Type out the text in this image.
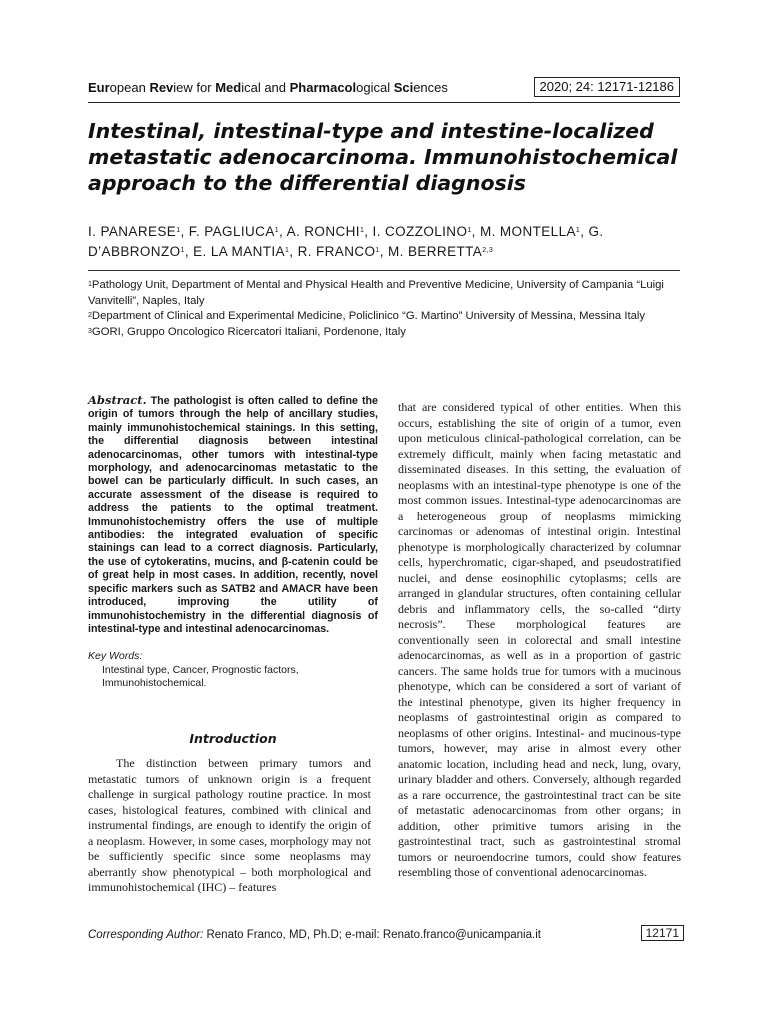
European Review for Medical and Pharmacological Sciences	2020; 24: 12171-12186
Intestinal, intestinal-type and intestine-localized metastatic adenocarcinoma. Immunohistochemical approach to the differential diagnosis
I. PANARESE$^1$, F. PAGLIUCA$^1$, A. RONCHI$^1$, I. COZZOLINO$^1$, M. MONTELLA$^1$, G. D’ABBRONZO$^1$, E. LA MANTIA$^1$, R. FRANCO$^1$, M. BERRETTA$^{2,3}$
$^1$Pathology Unit, Department of Mental and Physical Health and Preventive Medicine, University of Campania “Luigi Vanvitelli”, Naples, Italy
$^2$Department of Clinical and Experimental Medicine, Policlinico “G. Martino” University of Messina, Messina Italy
$^3$GORI, Gruppo Oncologico Ricercatori Italiani, Pordenone, Italy
Abstract. The pathologist is often called to define the origin of tumors through the help of ancillary studies, mainly immunohistochemical stainings. In this setting, the differential diagnosis between intestinal adenocarcinomas, other tumors with intestinal-type morphology, and adenocarcinomas metastatic to the bowel can be particularly difficult. In such cases, an accurate assessment of the disease is required to address the patients to the optimal treatment. Immunohistochemistry offers the use of multiple antibodies: the integrated evaluation of specific stainings can lead to a correct diagnosis. Particularly, the use of cytokeratins, mucins, and β-catenin could be of great help in most cases. In addition, recently, novel specific markers such as SATB2 and AMACR have been introduced, improving the utility of immunohistochemistry in the differential diagnosis of intestinal-type and intestinal adenocarcinomas.
Key Words:
Intestinal type, Cancer, Prognostic factors, Immunohistochemical.
Introduction
The distinction between primary tumors and metastatic tumors of unknown origin is a frequent challenge in surgical pathology routine practice. In most cases, histological features, combined with clinical and instrumental findings, are enough to identify the origin of a neoplasm. However, in some cases, morphology may not be sufficiently specific since some neoplasms may aberrantly show phenotypical – both morphological and immunohistochemical (IHC) – features
that are considered typical of other entities. When this occurs, establishing the site of origin of a tumor, even upon meticulous clinical-pathological correlation, can be extremely difficult, mainly when facing metastatic and disseminated diseases. In this setting, the evaluation of neoplasms with an intestinal-type phenotype is one of the most common issues. Intestinal-type adenocarcinomas are a heterogeneous group of neoplasms mimicking carcinomas or adenomas of intestinal origin. Intestinal phenotype is morphologically characterized by columnar cells, hyperchromatic, cigar-shaped, and pseudostratified nuclei, and dense eosinophilic cytoplasms; cells are arranged in glandular structures, often containing cellular debris and inflammatory cells, the so-called “dirty necrosis”. These morphological features are conventionally seen in colorectal and small intestine adenocarcinomas, as well as in a proportion of gastric cancers. The same holds true for tumors with a mucinous phenotype, which can be considered a sort of variant of the intestinal phenotype, given its higher frequency in neoplasms of gastrointestinal origin as compared to neoplasms of other origins. Intestinal- and mucinous-type tumors, however, may arise in almost every other anatomic location, including head and neck, lung, ovary, urinary bladder and others. Conversely, although regarded as a rare occurrence, the gastrointestinal tract can be site of metastatic adenocarcinomas from other organs; in addition, other primitive tumors arising in the gastrointestinal tract, such as gastrointestinal stromal tumors or neuroendocrine tumors, could show features resembling those of conventional adenocarcinomas.
Corresponding Author: Renato Franco, MD, Ph.D; e-mail: Renato.franco@unicampania.it	12171
